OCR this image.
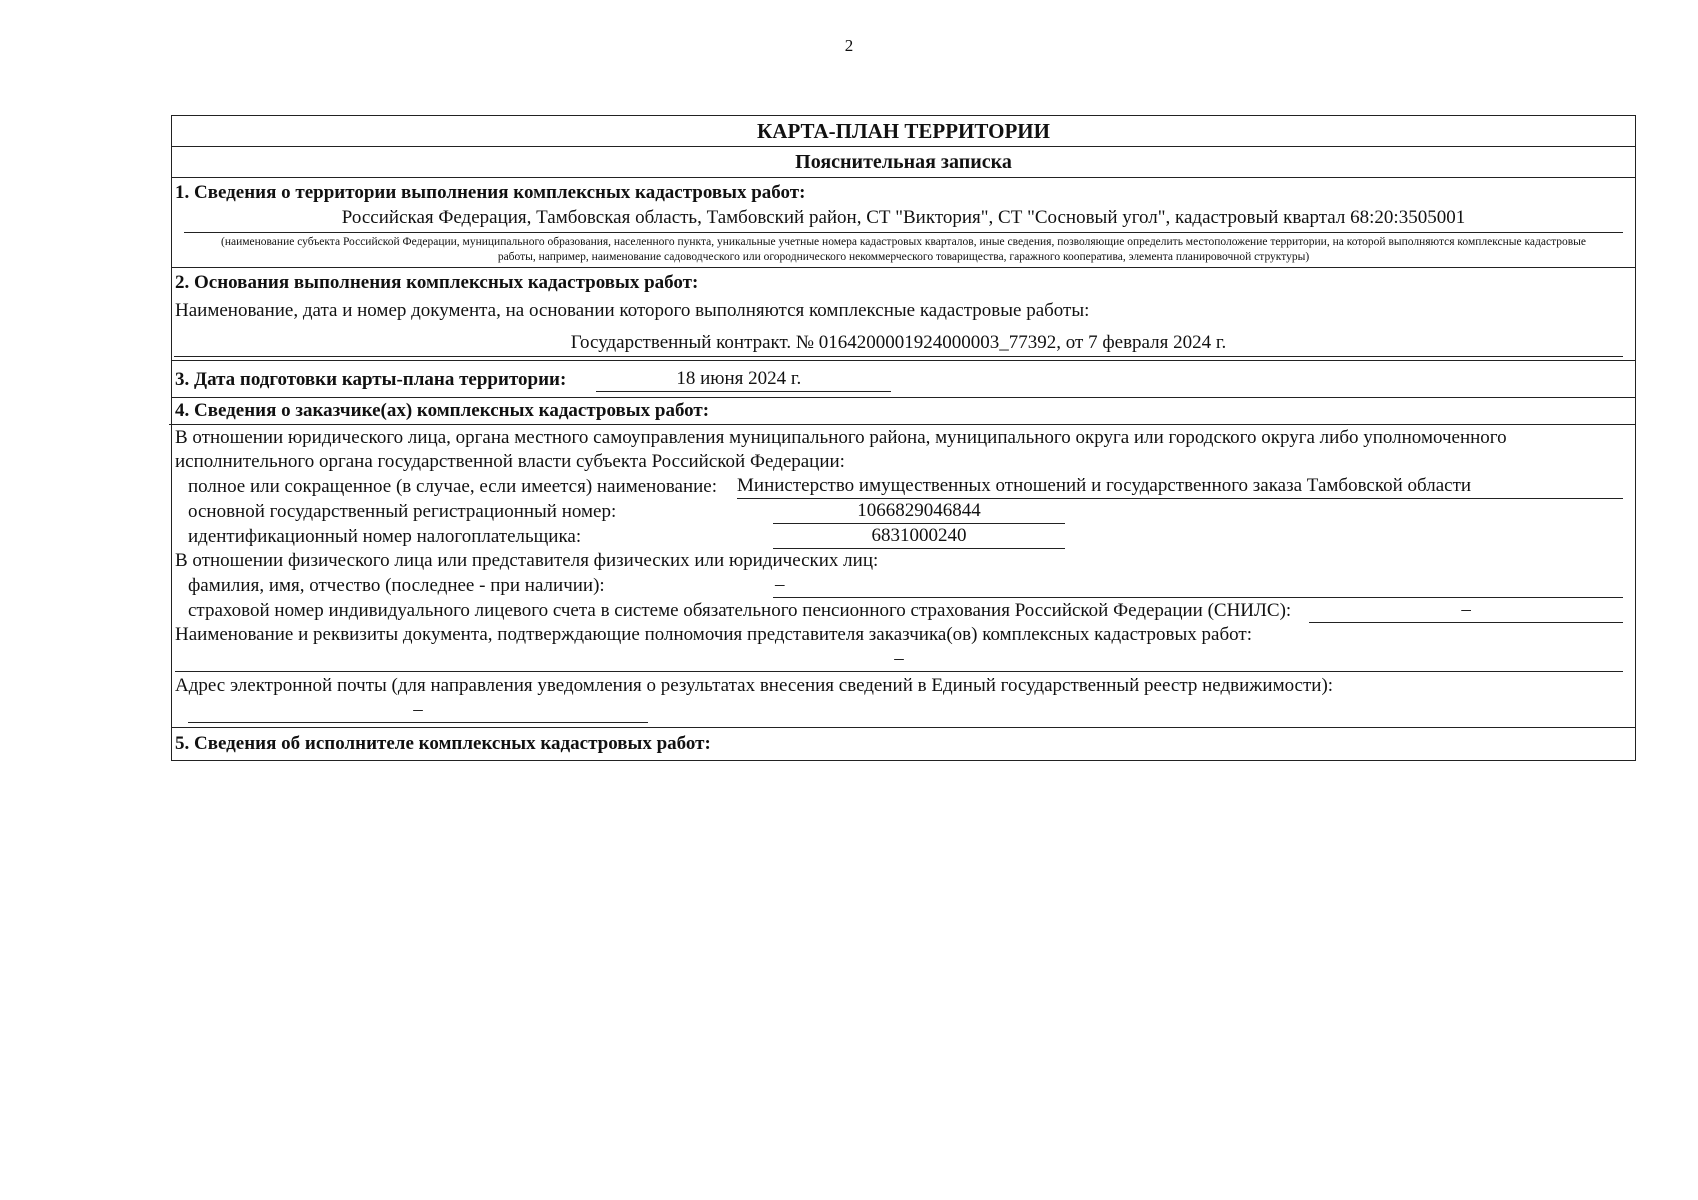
2
КАРТА-ПЛАН ТЕРРИТОРИИ
Пояснительная записка
1. Сведения о территории выполнения комплексных кадастровых работ:
Российская Федерация, Тамбовская область, Тамбовский район, СТ "Виктория", СТ "Сосновый угол", кадастровый квартал 68:20:3505001
(наименование субъекта Российской Федерации, муниципального образования, населенного пункта, уникальные учетные номера кадастровых кварталов, иные сведения, позволяющие определить местоположение территории, на которой выполняются комплексные кадастровые работы, например, наименование садоводческого или огороднического некоммерческого товарищества, гаражного кооператива, элемента планировочной структуры)
2. Основания выполнения комплексных кадастровых работ:
Наименование, дата и номер документа, на основании которого выполняются комплексные кадастровые работы:
Государственный контракт. № 0164200001924000003_77392, от 7 февраля 2024 г.
3. Дата подготовки карты-плана территории:	18 июня 2024 г.
4. Сведения о заказчике(ах) комплексных кадастровых работ:
В отношении юридического лица, органа местного самоуправления муниципального района, муниципального округа или городского округа либо уполномоченного исполнительного органа государственной власти субъекта Российской Федерации:
полное или сокращенное (в случае, если имеется) наименование: Министерство имущественных отношений и государственного заказа Тамбовской области
основной государственный регистрационный номер:	1066829046844
идентификационный номер налогоплательщика:	6831000240
В отношении физического лица или представителя физических или юридических лиц:
фамилия, имя, отчество (последнее - при наличии):	–
страховой номер индивидуального лицевого счета в системе обязательного пенсионного страхования Российской Федерации (СНИЛС):	–
Наименование и реквизиты документа, подтверждающие полномочия представителя заказчика(ов) комплексных кадастровых работ:
–
Адрес электронной почты (для направления уведомления о результатах внесения сведений в Единый государственный реестр недвижимости):
–
5. Сведения об исполнителе комплексных кадастровых работ:
